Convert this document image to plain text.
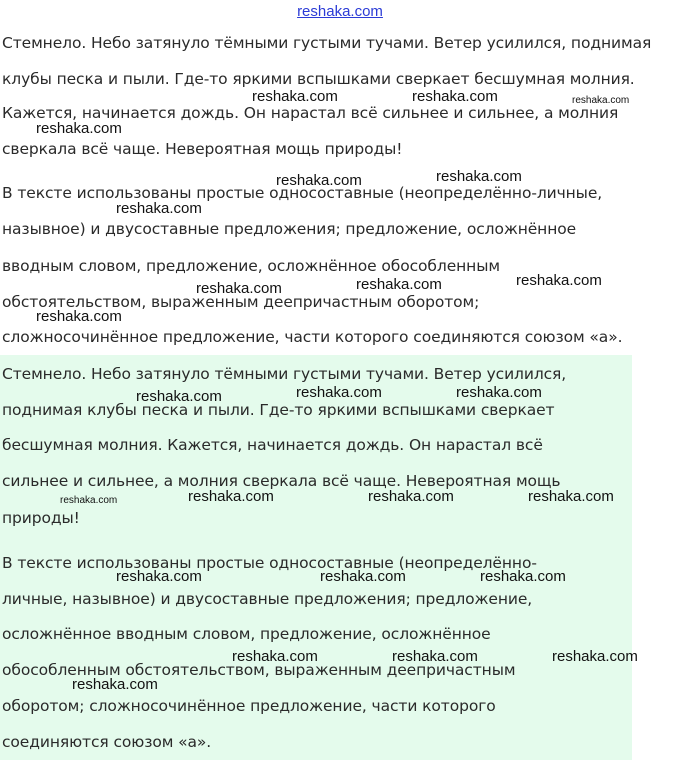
reshaka.com
Стемнело. Небо затянуло тёмными густыми тучами. Ветер усилился, поднимая
клубы песка и пыли. Где-то яркими вспышками сверкает бесшумная молния.
Кажется, начинается дождь. Он нарастал всё сильнее и сильнее, а молния
сверкала всё чаще. Невероятная мощь природы!
В тексте использованы простые односоставные (неопределённо-личные,
назывное) и двусоставные предложения; предложение, осложнённое
вводным словом, предложение, осложнённое обособленным
обстоятельством, выраженным деепричастным оборотом;
сложносочинённое предложение, части которого соединяются союзом «а».
Стемнело. Небо затянуло тёмными густыми тучами. Ветер усилился,
поднимая клубы песка и пыли. Где-то яркими вспышками сверкает
бесшумная молния. Кажется, начинается дождь. Он нарастал всё
сильнее и сильнее, а молния сверкала всё чаще. Невероятная мощь
природы!
В тексте использованы простые односоставные (неопределённо-
личные, назывное) и двусоставные предложения; предложение,
осложнённое вводным словом, предложение, осложнённое
обособленным обстоятельством, выраженным деепричастным
оборотом; сложносочинённое предложение, части которого
соединяются союзом «а».
reshaka.com	reshaka.com	reshaka.com
reshaka.com
reshaka.com
reshaka.com
reshaka.com
reshaka.com
reshaka.com	reshaka.com
reshaka.com
reshaka.com	reshaka.com
reshaka.com
reshaka.com	reshaka.com	reshaka.com
reshaka.com
reshaka.com	reshaka.com	reshaka.com
reshaka.com	reshaka.com	reshaka.com
reshaka.com
